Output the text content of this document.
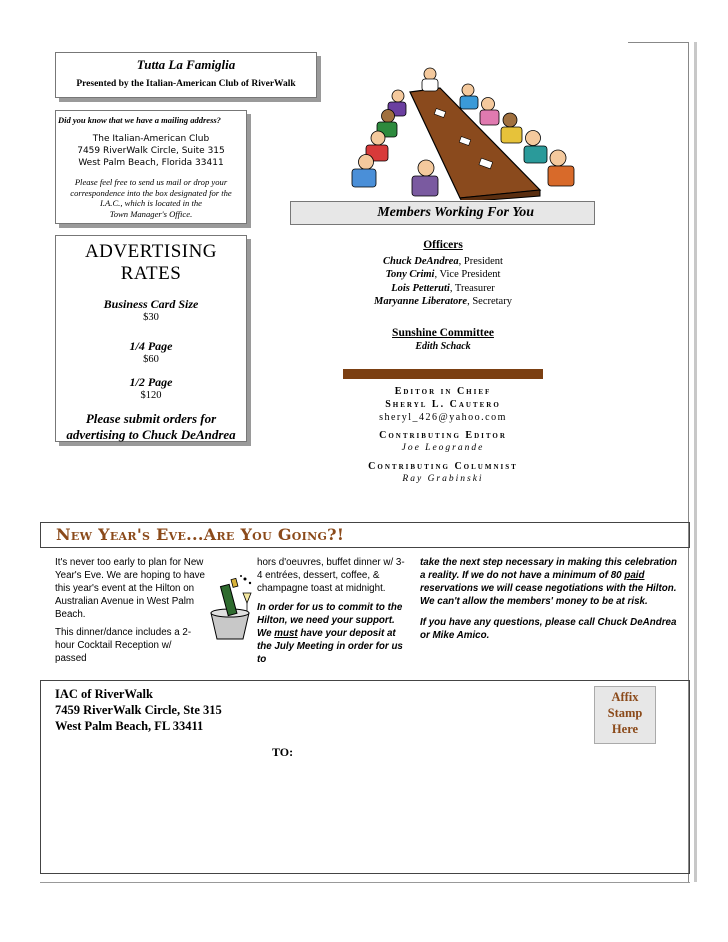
Tutta La Famiglia
Presented by the Italian-American Club of RiverWalk
Did you know that we have a mailing address?
The Italian-American Club
7459 RiverWalk Circle, Suite 315
West Palm Beach, Florida 33411
Please feel free to send us mail or drop your
correspondence into the box designated for the
I.A.C., which is located in the
Town Manager's Office.
ADVERTISING RATES
Business Card Size
$30
1/4 Page
$60
1/2 Page
$120
Please submit orders for
advertising to Chuck DeAndrea
Members Working For You
Officers
Chuck DeAndrea, President
Tony Crimi, Vice President
Lois Petteruti, Treasurer
Maryanne Liberatore, Secretary
Sunshine Committee
Edith Schack
Editor in Chief
Sheryl L. Cautero
sheryl_426@yahoo.com
Contributing Editor
Joe Leogrande
Contributing Columnist
Ray Grabinski
New Year's Eve...Are You Going?!

It's never too early to plan for New Year's Eve. We are hoping to have this year's event at the Hilton on Australian Avenue in West Palm Beach.

This dinner/dance includes a 2-hour Cocktail Reception w/ passed

hors d'oeuvres, buffet dinner w/ 3-4 entrées, dessert, coffee, & champagne toast at midnight.
In order for us to commit to the Hilton, we need your support. We must have your deposit at the July Meeting in order for us to

take the next step necessary in making this celebration a reality. If we do not have a minimum of 80 paid reservations we will cease negotiations with the Hilton. We can't allow the members' money to be at risk.

If you have any questions, please call Chuck DeAndrea or Mike Amico.

IAC of RiverWalk
7459 RiverWalk Circle, Ste 315
West Palm Beach, FL 33411
Affix
Stamp
Here
TO:
